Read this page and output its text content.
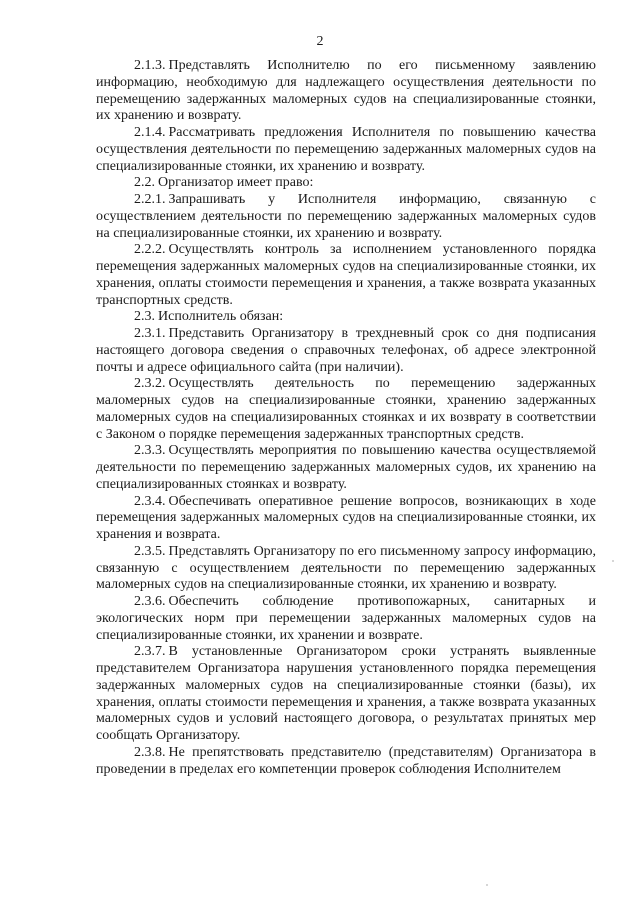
2

2.1.3. Представлять Исполнителю по его письменному заявлению информацию, необходимую для надлежащего осуществления деятельности по перемещению задержанных маломерных судов на специализированные стоянки, их хранению и возврату.

2.1.4. Рассматривать предложения Исполнителя по повышению качества осуществления деятельности по перемещению задержанных маломерных судов на специализированные стоянки, их хранению и возврату.

2.2. Организатор имеет право:

2.2.1. Запрашивать у Исполнителя информацию, связанную с осуществлением деятельности по перемещению задержанных маломерных судов на специализированные стоянки, их хранению и возврату.

2.2.2. Осуществлять контроль за исполнением установленного порядка перемещения задержанных маломерных судов на специализированные стоянки, их хранения, оплаты стоимости перемещения и хранения, а также возврата указанных транспортных средств.

2.3. Исполнитель обязан:

2.3.1. Представить Организатору в трехдневный срок со дня подписания настоящего договора сведения о справочных телефонах, об адресе электронной почты и адресе официального сайта (при наличии).

2.3.2. Осуществлять деятельность по перемещению задержанных маломерных судов на специализированные стоянки, хранению задержанных маломерных судов на специализированных стоянках и их возврату в соответствии с Законом о порядке перемещения задержанных транспортных средств.

2.3.3. Осуществлять мероприятия по повышению качества осуществляемой деятельности по перемещению задержанных маломерных судов, их хранению на специализированных стоянках и возврату.

2.3.4. Обеспечивать оперативное решение вопросов, возникающих в ходе перемещения задержанных маломерных судов на специализированные стоянки, их хранения и возврата.

2.3.5. Представлять Организатору по его письменному запросу информацию, связанную с осуществлением деятельности по перемещению задержанных маломерных судов на специализированные стоянки, их хранению и возврату.

2.3.6. Обеспечить соблюдение противопожарных, санитарных и экологических норм при перемещении задержанных маломерных судов на специализированные стоянки, их хранении и возврате.

2.3.7. В установленные Организатором сроки устранять выявленные представителем Организатора нарушения установленного порядка перемещения задержанных маломерных судов на специализированные стоянки (базы), их хранения, оплаты стоимости перемещения и хранения, а также возврата указанных маломерных судов и условий настоящего договора, о результатах принятых мер сообщать Организатору.

2.3.8. Не препятствовать представителю (представителям) Организатора в проведении в пределах его компетенции проверок соблюдения Исполнителем
